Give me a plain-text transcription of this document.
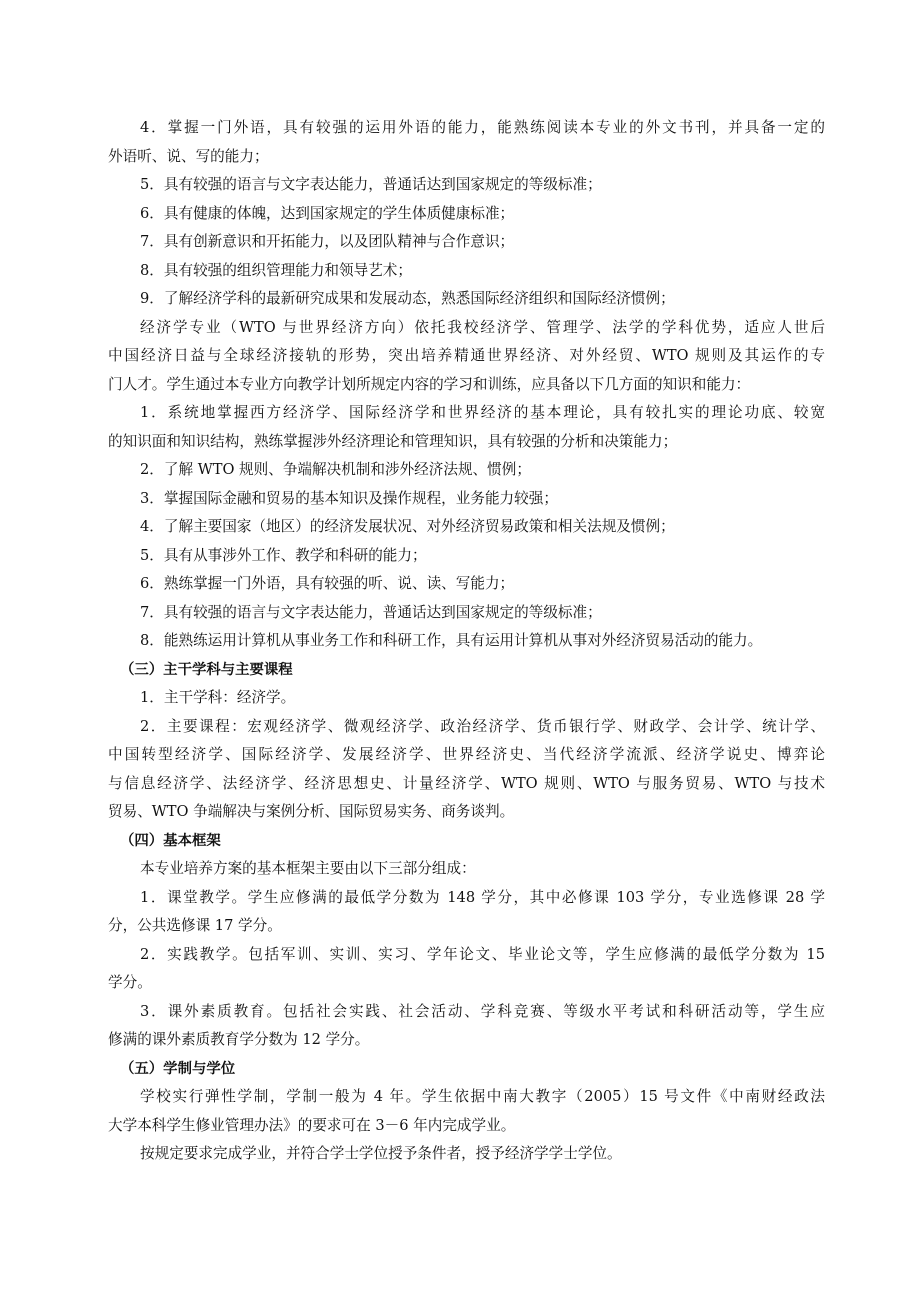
4．掌握一门外语，具有较强的运用外语的能力，能熟练阅读本专业的外文书刊，并具备一定的
外语听、说、写的能力；
5．具有较强的语言与文字表达能力，普通话达到国家规定的等级标准；
6．具有健康的体魄，达到国家规定的学生体质健康标准；
7．具有创新意识和开拓能力，以及团队精神与合作意识；
8．具有较强的组织管理能力和领导艺术；
9．了解经济学科的最新研究成果和发展动态，熟悉国际经济组织和国际经济惯例；
经济学专业（WTO 与世界经济方向）依托我校经济学、管理学、法学的学科优势，适应人世后
中国经济日益与全球经济接轨的形势，突出培养精通世界经济、对外经贸、WTO 规则及其运作的专
门人才。学生通过本专业方向教学计划所规定内容的学习和训练，应具备以下几方面的知识和能力：
1．系统地掌握西方经济学、国际经济学和世界经济的基本理论，具有较扎实的理论功底、较宽
的知识面和知识结构，熟练掌握涉外经济理论和管理知识，具有较强的分析和决策能力；
2．了解 WTO 规则、争端解决机制和涉外经济法规、惯例；
3．掌握国际金融和贸易的基本知识及操作规程，业务能力较强；
4．了解主要国家（地区）的经济发展状况、对外经济贸易政策和相关法规及惯例；
5．具有从事涉外工作、教学和科研的能力；
6．熟练掌握一门外语，具有较强的听、说、读、写能力；
7．具有较强的语言与文字表达能力，普通话达到国家规定的等级标准；
8．能熟练运用计算机从事业务工作和科研工作，具有运用计算机从事对外经济贸易活动的能力。
（三）主干学科与主要课程
1．主干学科：经济学。
2．主要课程：宏观经济学、微观经济学、政治经济学、货币银行学、财政学、会计学、统计学、
中国转型经济学、国际经济学、发展经济学、世界经济史、当代经济学流派、经济学说史、博弈论
与信息经济学、法经济学、经济思想史、计量经济学、WTO 规则、WTO 与服务贸易、WTO 与技术
贸易、WTO 争端解决与案例分析、国际贸易实务、商务谈判。
（四）基本框架
本专业培养方案的基本框架主要由以下三部分组成：
1．课堂教学。学生应修满的最低学分数为 148 学分，其中必修课 103 学分，专业选修课 28 学
分，公共选修课 17 学分。
2．实践教学。包括军训、实训、实习、学年论文、毕业论文等，学生应修满的最低学分数为 15
学分。
3．课外素质教育。包括社会实践、社会活动、学科竞赛、等级水平考试和科研活动等，学生应
修满的课外素质教育学分数为 12 学分。
（五）学制与学位
学校实行弹性学制，学制一般为 4 年。学生依据中南大教字（2005）15 号文件《中南财经政法
大学本科学生修业管理办法》的要求可在 3－6 年内完成学业。
按规定要求完成学业，并符合学士学位授予条件者，授予经济学学士学位。
